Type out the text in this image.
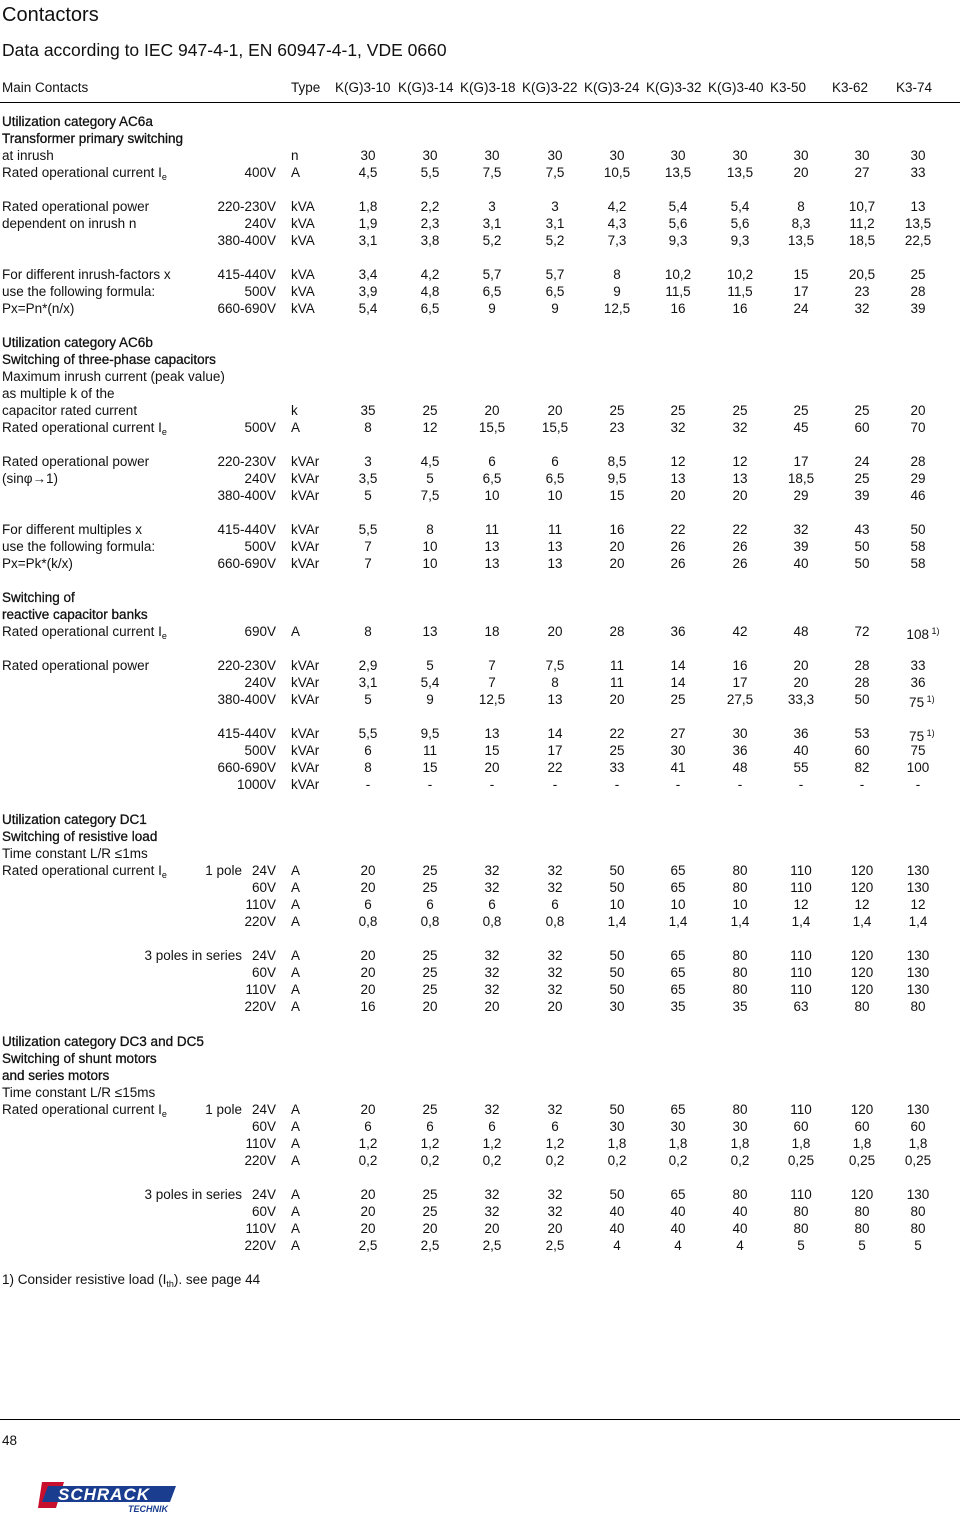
Contactors
Data according to IEC 947-4-1, EN 60947-4-1, VDE 0660
Main Contacts	Type K(G)3-10 K(G)3-14 K(G)3-18 K(G)3-22 K(G)3-24 K(G)3-32 K(G)3-40 K3-50 K3-62 K3-74
Utilization category AC6a
Transformer primary switching
at inrush	n	30	30	30	30	30	30	30	30	30	30
Rated operational current $I_e$	400V A	4,5	5,5	7,5	7,5	10,5	13,5	13,5	20	27	33
Rated operational power	220-230V kVA	1,8	2,2	3	3	4,2	5,4	5,4	8	10,7	13
dependent on inrush n	240V kVA	1,9	2,3	3,1	3,1	4,3	5,6	5,6	8,3	11,2 13,5
380-400V kVA	3,1	3,8	5,2	5,2	7,3	9,3	9,3	13,5	18,5 22,5
For different inrush-factors x	415-440V kVA	3,4	4,2	5,7	5,7	8	10,2	10,2	15	20,5	25
use the following formula:	500V kVA	3,9	4,8	6,5	6,5	9	11,5	11,5	17	23	28
Px=Pn*(n/x)	660-690V kVA	5,4	6,5	9	9	12,5	16	16	24	32	39
Utilization category AC6b
Switching of three-phase capacitors
Maximum inrush current (peak value)
as multiple k of the
capacitor rated current	k	35	25	20	20	25	25	25	25	25	20
Rated operational current $I_e$	500V A	8	12	15,5	15,5	23	32	32	45	60	70
Rated operational power	220-230V kVAr	3	4,5	6	6	8,5	12	12	17	24	28
(sinφ→1)	240V kVAr	3,5	5	6,5	6,5	9,5	13	13	18,5	25	29
380-400V kVAr	5	7,5	10	10	15	20	20	29	39	46
For different multiples x	415-440V kVAr	5,5	8	11	11	16	22	22	32	43	50
use the following formula:	500V kVAr	7	10	13	13	20	26	26	39	50	58
Px=Pk*(k/x)	660-690V kVAr	7	10	13	13	20	26	26	40	50	58
Switching of
reactive capacitor banks
Rated operational current $I_e$	690V A	8	13	18	20	28	36	42	48	72	108 $^{1)}$
Rated operational power	220-230V kVAr	2,9	5	7	7,5	11	14	16	20	28	33
240V kVAr	3,1	5,4	7	8	11	14	17	20	28	36
380-400V kVAr	5	9	12,5	13	20	25	27,5	33,3	50	75 $^{1)}$
415-440V kVAr	5,5	9,5	13	14	22	27	30	36	53	75 $^{1)}$
500V kVAr	6	11	15	17	25	30	36	40	60	75
660-690V kVAr	8	15	20	22	33	41	48	55	82	100
1000V kVAr	-	-	-	-	-	-	-	-	-	-
Utilization category DC1
Switching of resistive load
Time constant L/R ≤1ms
Rated operational current $I_e$	1 pole 24V A	20	25	32	32	50	65	80	110	120 130
60V A	20	25	32	32	50	65	80	110	120 130
110V A	6	6	6	6	10	10	10	12	12	12
220V A	0,8	0,8	0,8	0,8	1,4	1,4	1,4	1,4	1,4	1,4
3 poles in series 24V A	20	25	32	32	50	65	80	110	120 130
60V A	20	25	32	32	50	65	80	110	120 130
110V A	20	25	32	32	50	65	80	110	120 130
220V A	16	20	20	20	30	35	35	63	80	80
Utilization category DC3 and DC5
Switching of shunt motors
and series motors
Time constant L/R ≤15ms
Rated operational current $I_e$	1 pole 24V A	20	25	32	32	50	65	80	110	120 130
60V A	6	6	6	6	30	30	30	60	60	60
110V A	1,2	1,2	1,2	1,2	1,8	1,8	1,8	1,8	1,8	1,8
220V A	0,2	0,2	0,2	0,2	0,2	0,2	0,2	0,25	0,25 0,25
3 poles in series 24V A	20	25	32	32	50	65	80	110	120 130
60V A	20	25	32	32	40	40	40	80	80	80
110V A	20	20	20	20	40	40	40	80	80	80
220V A	2,5	2,5	2,5	2,5	4	4	4	5	5	5
1) Consider resistive load $(I_{th})$. see page 44
48
SCHRACK
TECHNIK
